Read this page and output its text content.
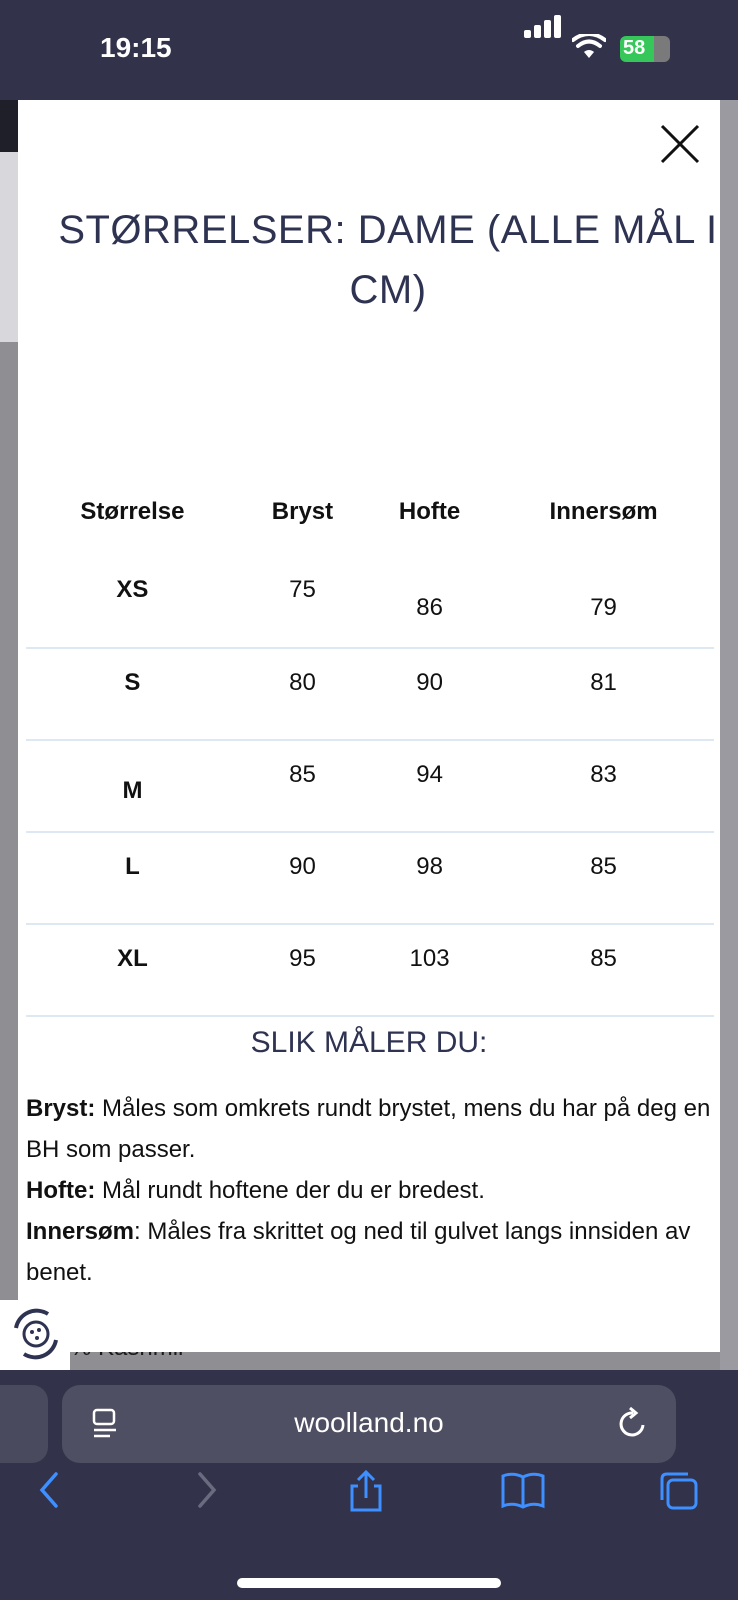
19:15	58
STØRRELSER: DAME (ALLE MÅL I CM)
Størrelse	Bryst	Hofte	Innersøm
XS	75	86	79
S	80	90	81
M	85	94	83
L	90	98	85
XL	95	103	85
SLIK MÅLER DU:
Bryst: Måles som omkrets rundt brystet, mens du har på deg en BH som passer.
Hofte: Mål rundt hoftene der du er bredest.
Innersøm: Måles fra skrittet og ned til gulvet langs innsiden av benet.
woolland.no
